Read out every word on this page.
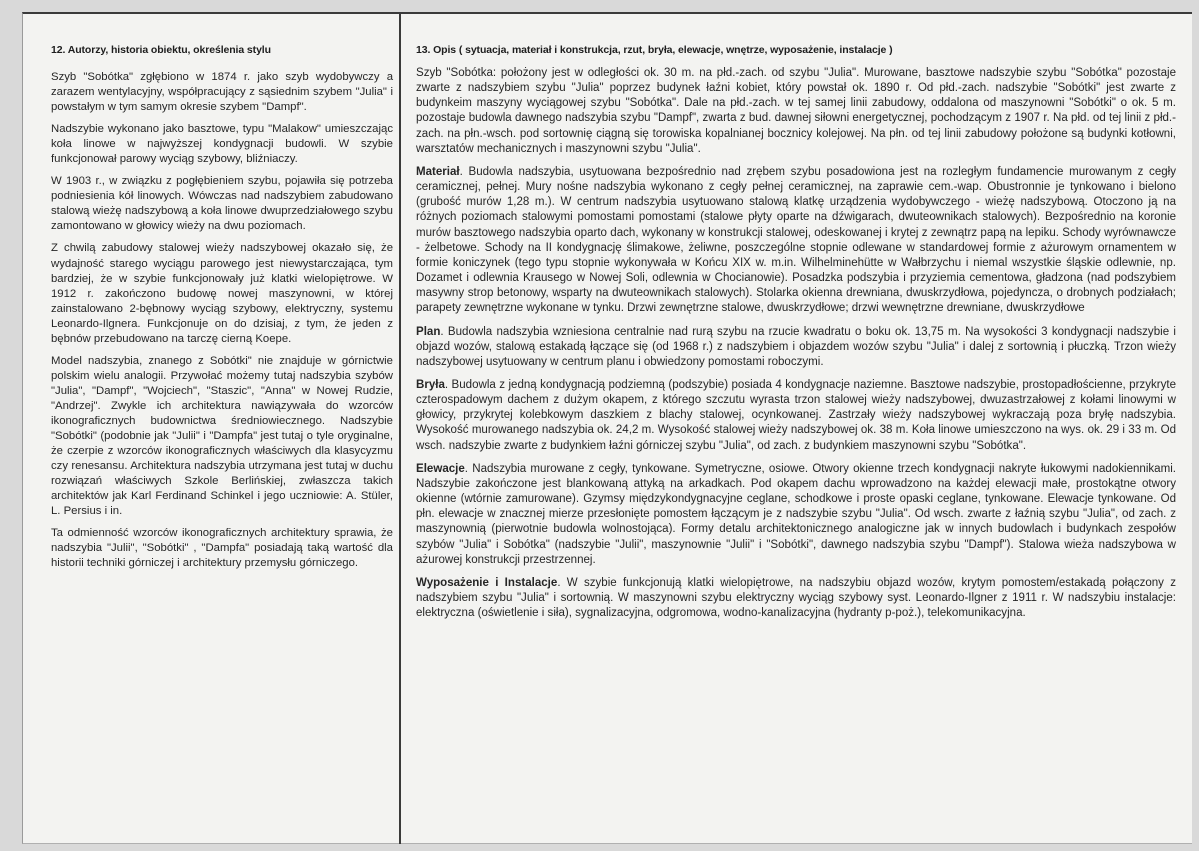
12. Autorzy, historia obiektu, określenia stylu

Szyb "Sobótka" zgłębiono w 1874 r. jako szyb wydobywczy a zarazem wentylacyjny, współpracujący z sąsiednim szybem "Julia" i powstałym w tym samym okresie szybem "Dampf".

Nadszybie wykonano jako basztowe, typu "Malakow" umieszczając koła linowe w najwyższej kondygnacji budowli. W szybie funkcjonował parowy wyciąg szybowy, bliźniaczy.

W 1903 r., w związku z pogłębieniem szybu, pojawiła się potrzeba podniesienia kół linowych. Wówczas nad nadszybiem zabudowano stalową wieżę nadszybową a koła linowe dwuprzedziałowego szybu zamontowano w głowicy wieży na dwu poziomach.

Z chwilą zabudowy stalowej wieży nadszybowej okazało się, że wydajność starego wyciągu parowego jest niewystarczająca, tym bardziej, że w szybie funkcjonowały już klatki wielopiętrowe. W 1912 r. zakończono budowę nowej maszynowni, w której zainstalowano 2-bębnowy wyciąg szybowy, elektryczny, systemu Leonardo-Ilgnera. Funkcjonuje on do dzisiaj, z tym, że jeden z bębnów przebudowano na tarczę cierną Koepe.

Model nadszybia, znanego z Sobótki" nie znajduje w górnictwie polskim wielu analogii. Przywołać możemy tutaj nadszybia szybów "Julia", "Dampf", "Wojciech", "Staszic", "Anna" w Nowej Rudzie, "Andrzej". Zwykle ich architektura nawiązywała do wzorców ikonograficznych budownictwa średniowiecznego. Nadszybie "Sobótki" (podobnie jak "Julii" i "Dampfa" jest tutaj o tyle oryginalne, że czerpie z wzorców ikonograficznych właściwych dla klasycyzmu czy renesansu. Architektura nadszybia utrzymana jest tutaj w duchu rozwiązań właściwych Szkole Berlińskiej, zwłaszcza takich architektów jak Karl Ferdinand Schinkel i jego uczniowie: A. Stüler, L. Persius i in.

Ta odmienność wzorców ikonograficznych architektury sprawia, że nadszybia "Julii", "Sobótki" , "Dampfa" posiadają taką wartość dla historii techniki górniczej i architektury przemysłu górniczego.

13. Opis ( sytuacja, materiał i konstrukcja, rzut, bryła, elewacje, wnętrze, wyposażenie, instalacje )

Szyb "Sobótka: położony jest w odległości ok. 30 m. na płd.-zach. od szybu "Julia". Murowane, basztowe nadszybie szybu "Sobótka" pozostaje zwarte z nadszybiem szybu "Julia" poprzez budynek łaźni kobiet, który powstał ok. 1890 r. Od płd.-zach. nadszybie "Sobótki" jest zwarte z budynkeim maszyny wyciągowej szybu "Sobótka". Dale na płd.-zach. w tej samej linii zabudowy, oddalona od maszynowni "Sobótki" o ok. 5 m. pozostaje budowla dawnego nadszybia szybu "Dampf", zwarta z bud. dawnej siłowni energetycznej, pochodzącym z 1907 r. Na płd. od tej linii z płd.-zach. na płn.-wsch. pod sortownię ciągną się torowiska kopalnianej bocznicy kolejowej. Na płn. od tej linii zabudowy położone są budynki kotłowni, warsztatów mechanicznych i maszynowni szybu "Julia".

Materiał. Budowla nadszybia, usytuowana bezpośrednio nad zrębem szybu posadowiona jest na rozległym fundamencie murowanym z cegły ceramicznej, pełnej. Mury nośne nadszybia wykonano z cegły pełnej ceramicznej, na zaprawie cem.-wap. Obustronnie je tynkowano i bielono (grubość murów 1,28 m.). W centrum nadszybia usytuowano stalową klatkę urządzenia wydobywczego - wieżę nadszybową. Otoczono ją na różnych poziomach stalowymi pomostami pomostami (stalowe płyty oparte na dźwigarach, dwuteownikach stalowych). Bezpośrednio na koronie murów basztowego nadszybia oparto dach, wykonany w konstrukcji stalowej, odeskowanej i krytej z zewnątrz papą na lepiku. Schody wyrównawcze - żelbetowe. Schody na II kondygnację ślimakowe, żeliwne, poszczególne stopnie odlewane w standardowej formie z ażurowym ornamentem w formie koniczynek (tego typu stopnie wykonywała w Końcu XIX w. m.in. Wilhelminehütte w Wałbrzychu i niemal wszystkie śląskie odlewnie, np. Dozamet i odlewnia Krausego w Nowej Soli, odlewnia w Chocianowie). Posadzka podszybia i przyziemia cementowa, gładzona (nad podszybiem masywny strop betonowy, wsparty na dwuteownikach stalowych). Stolarka okienna drewniana, dwuskrzydłowa, pojedyncza, o drobnych podziałach; parapety zewnętrzne wykonane w tynku. Drzwi zewnętrzne stalowe, dwuskrzydłowe; drzwi wewnętrzne drewniane, dwuskrzydłowe

Plan. Budowla nadszybia wzniesiona centralnie nad rurą szybu na rzucie kwadratu o boku ok. 13,75 m. Na wysokości 3 kondygnacji nadszybie i objazd wozów, stalową estakadą łączące się (od 1968 r.) z nadszybiem i objazdem wozów szybu "Julia" i dalej z sortownią i płuczką. Trzon wieży nadszybowej usytuowany w centrum planu i obwiedzony pomostami roboczymi.

Bryła. Budowla z jedną kondygnacją podziemną (podszybie) posiada 4 kondygnacje naziemne. Basztowe nadszybie, prostopadłościenne, przykryte czterospadowym dachem z dużym okapem, z którego szczutu wyrasta trzon stalowej wieży nadszybowej, dwuzastrzałowej z kołami linowymi w głowicy, przykrytej kolebkowym daszkiem z blachy stalowej, ocynkowanej. Zastrzały wieży nadszybowej wykraczają poza bryłę nadszybia. Wysokość murowanego nadszybia ok. 24,2 m. Wysokość stalowej wieży nadszybowej ok. 38 m. Koła linowe umieszczono na wys. ok. 29 i 33 m. Od wsch. nadszybie zwarte z budynkiem łaźni górniczej szybu "Julia", od zach. z budynkiem maszynowni szybu "Sobótka".

Elewacje. Nadszybia murowane z cegły, tynkowane. Symetryczne, osiowe. Otwory okienne trzech kondygnacji nakryte łukowymi nadokiennikami. Nadszybie zakończone jest blankowaną attyką na arkadkach. Pod okapem dachu wprowadzono na każdej elewacji małe, prostokątne otwory okienne (wtórnie zamurowane). Gzymsy międzykondygnacyjne ceglane, schodkowe i proste opaski ceglane, tynkowane. Elewacje tynkowane. Od płn. elewacje w znacznej mierze przesłonięte pomostem łączącym je z nadszybie szybu "Julia". Od wsch. zwarte z łaźnią szybu "Julia", od zach. z maszynownią (pierwotnie budowla wolnostojąca). Formy detalu architektonicznego analogiczne jak w innych budowlach i budynkach zespołów szybów "Julia" i Sobótka" (nadszybie "Julii", maszynownie "Julii" i "Sobótki", dawnego nadszybia szybu "Dampf"). Stalowa wieża nadszybowa w ażurowej konstrukcji przestrzennej.

Wyposażenie i Instalacje. W szybie funkcjonują klatki wielopiętrowe, na nadszybiu objazd wozów, krytym pomostem/estakadą połączony z nadszybiem szybu "Julia" i sortownią. W maszynowni szybu elektryczny wyciąg szybowy syst. Leonardo-Ilgner z 1911 r. W nadszybiu instalacje: elektryczna (oświetlenie i siła), sygnalizacyjna, odgromowa, wodno-kanalizacyjna (hydranty p-poż.), telekomunikacyjna.
